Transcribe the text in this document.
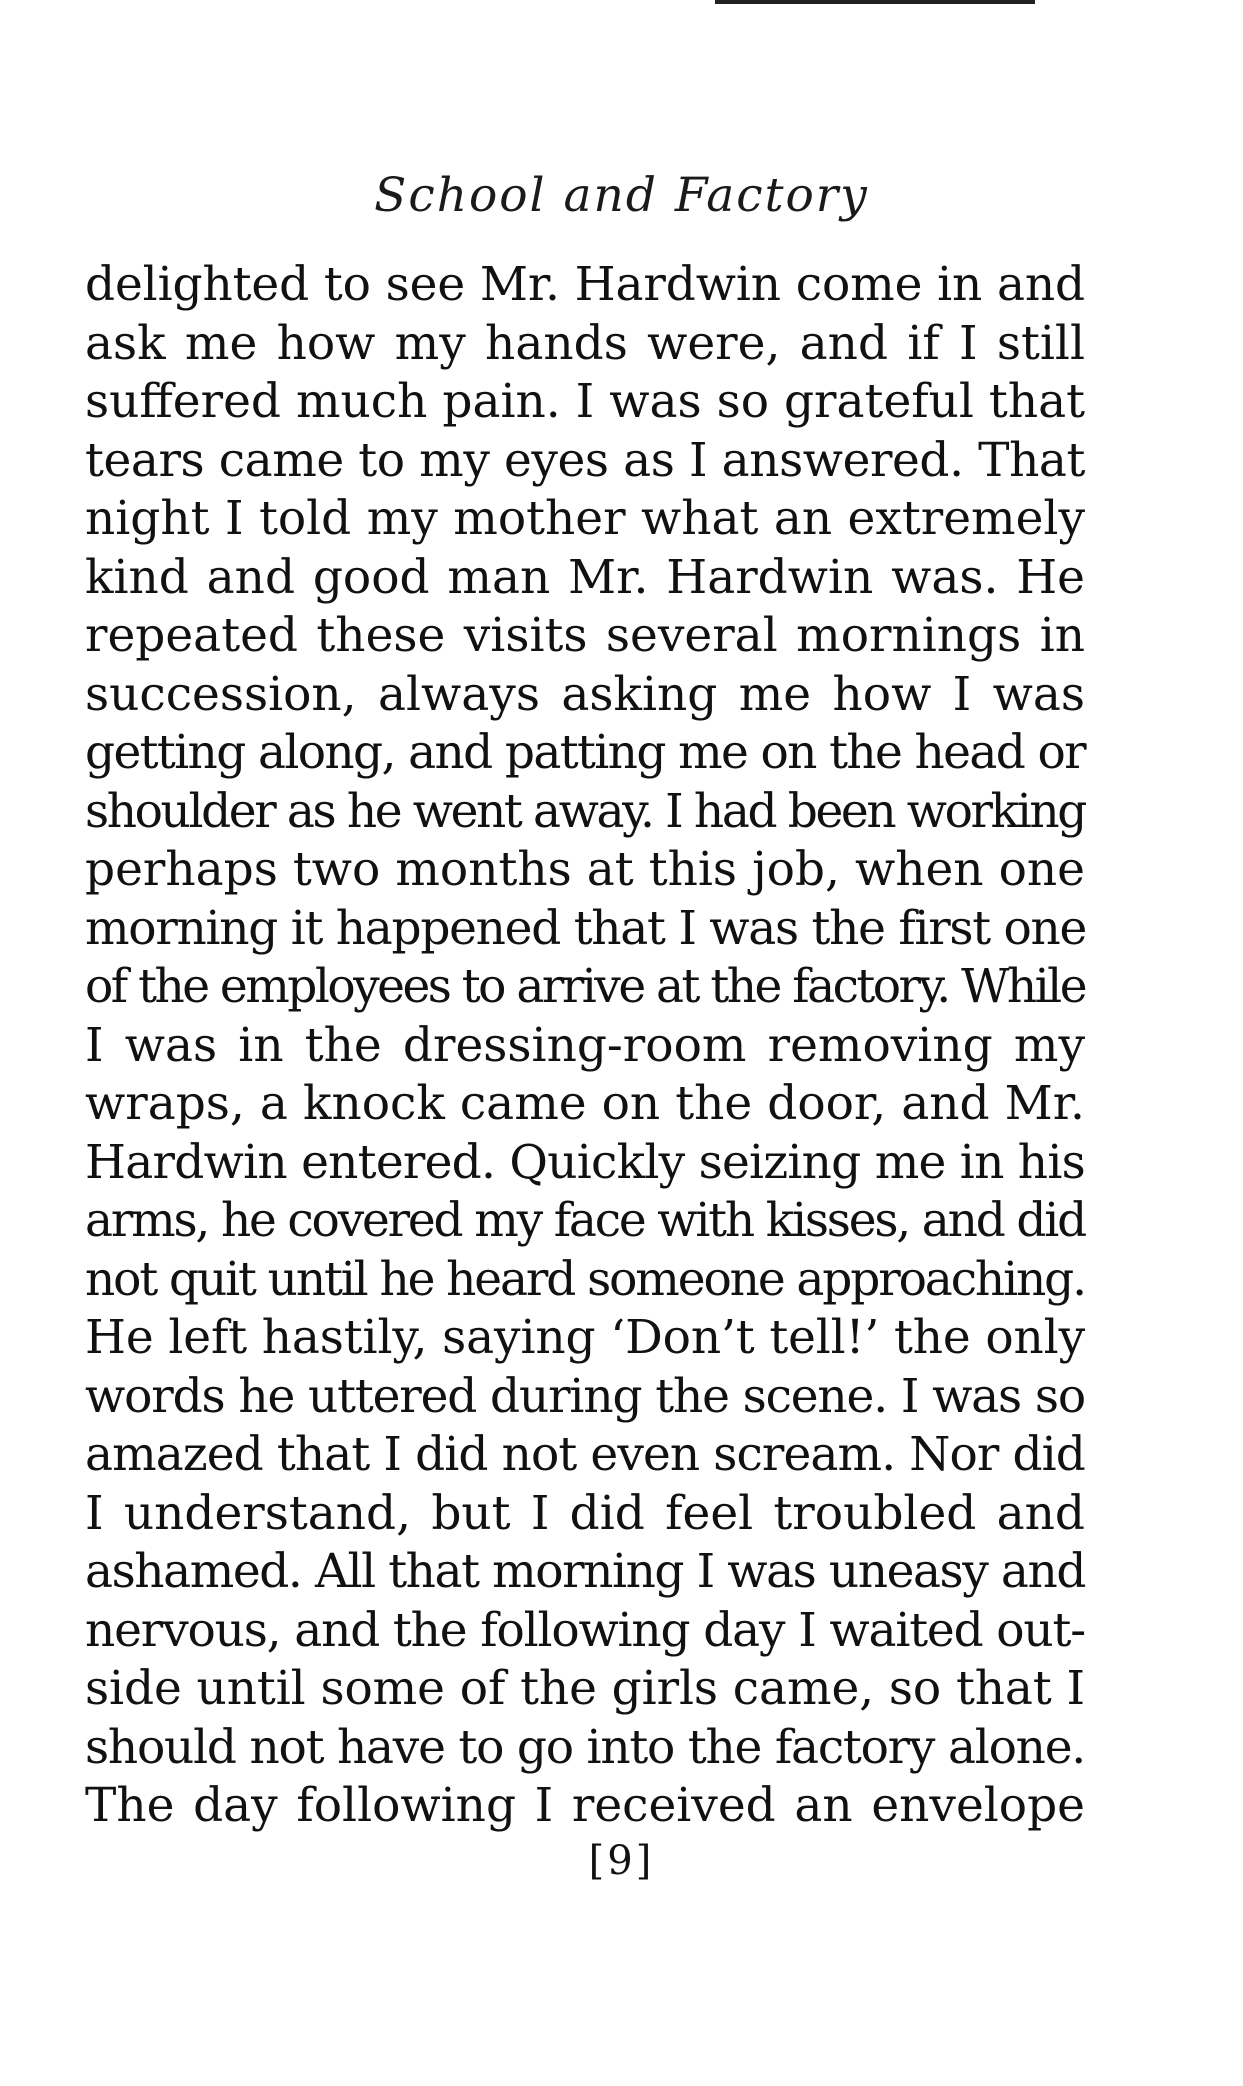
School and Factory
delighted to see Mr. Hardwin come in and
ask me how my hands were, and if I still
suffered much pain. I was so grateful that
tears came to my eyes as I answered. That
night I told my mother what an extremely
kind and good man Mr. Hardwin was. He
repeated these visits several mornings in
succession, always asking me how I was
getting along, and patting me on the head or
shoulder as he went away. I had been working
perhaps two months at this job, when one
morning it happened that I was the first one
of the employees to arrive at the factory. While
I was in the dressing-room removing my
wraps, a knock came on the door, and Mr.
Hardwin entered. Quickly seizing me in his
arms, he covered my face with kisses, and did
not quit until he heard someone approaching.
He left hastily, saying ‘Don’t tell!’ the only
words he uttered during the scene. I was so
amazed that I did not even scream. Nor did
I understand, but I did feel troubled and
ashamed. All that morning I was uneasy and
nervous, and the following day I waited out-
side until some of the girls came, so that I
should not have to go into the factory alone.
The day following I received an envelope
[9]
